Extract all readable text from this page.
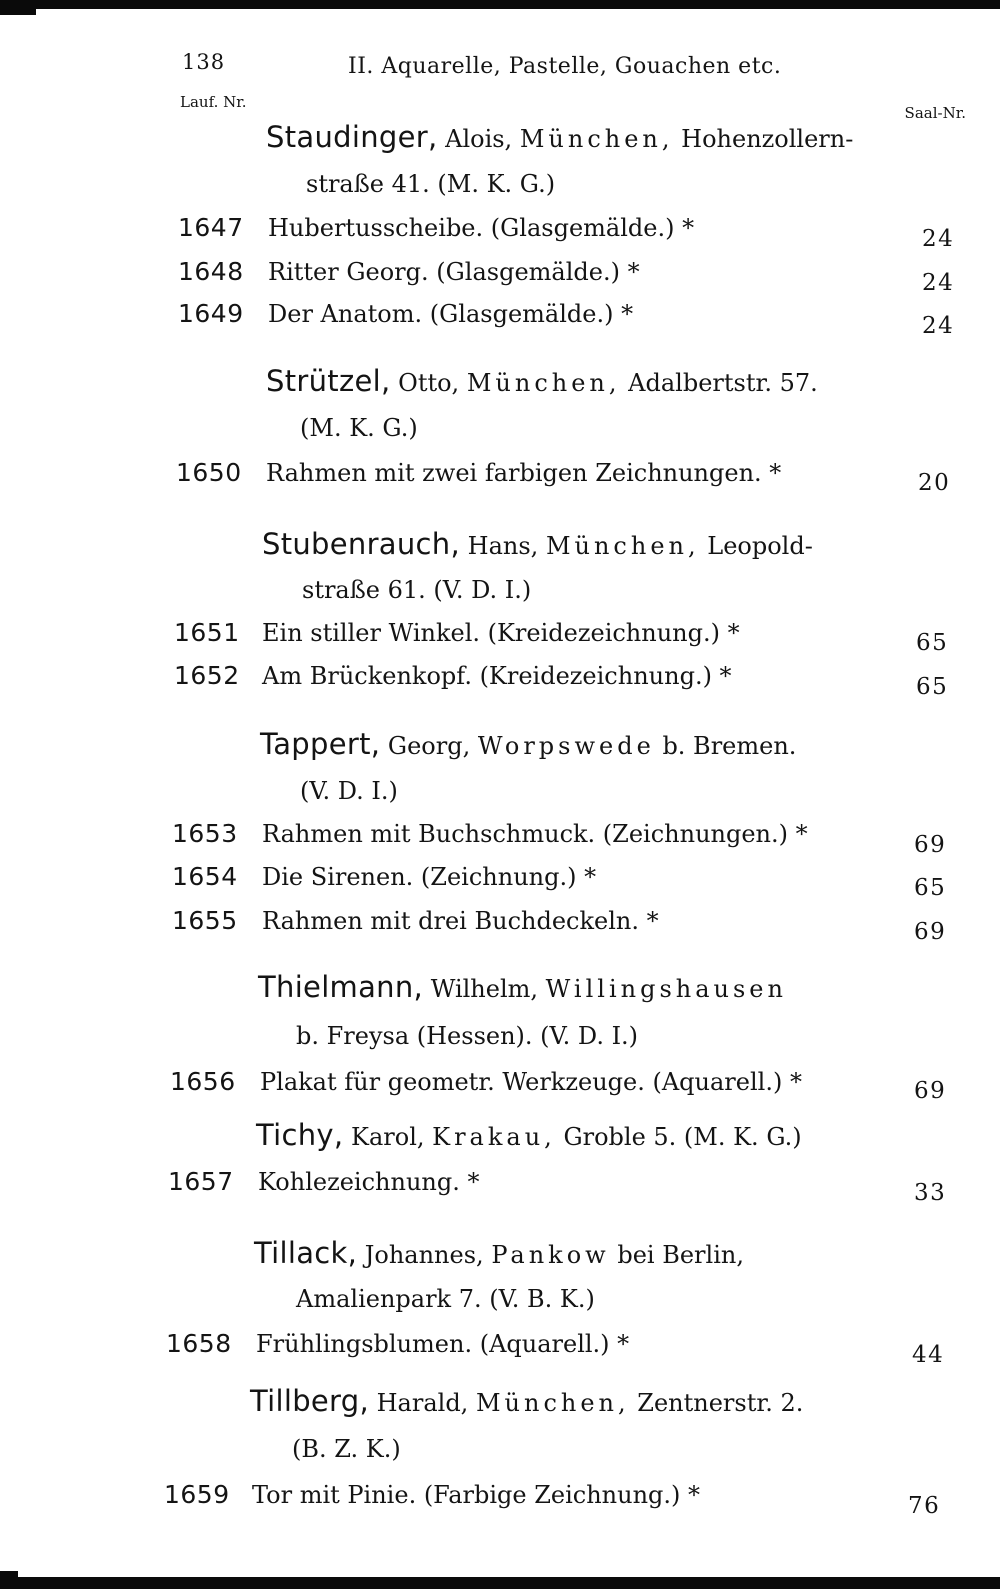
138	II. Aquarelle, Pastelle, Gouachen etc.
Lauf. Nr.
Saal-Nr.
Staudinger, Alois, München, Hohenzollern-
straße 41. (M. K. G.)
1647 Hubertusscheibe. (Glasgemälde.) *	24
1648 Ritter Georg. (Glasgemälde.) *	24
1649 Der Anatom. (Glasgemälde.) *	24
Strützel, Otto, München, Adalbertstr. 57.
(M. K. G.)
1650 Rahmen mit zwei farbigen Zeichnungen. *	20
Stubenrauch, Hans, München, Leopold-
straße 61. (V. D. I.)
1651 Ein stiller Winkel. (Kreidezeichnung.) *	65
1652 Am Brückenkopf. (Kreidezeichnung.) *	65
Tappert, Georg, Worpswede b. Bremen.
(V. D. I.)
1653 Rahmen mit Buchschmuck. (Zeichnungen.) *	69
1654 Die Sirenen. (Zeichnung.) *	65
1655 Rahmen mit drei Buchdeckeln. *	69
Thielmann, Wilhelm, Willingshausen
b. Freysa (Hessen). (V. D. I.)
1656 Plakat für geometr. Werkzeuge. (Aquarell.) *	69
Tichy, Karol, Krakau, Groble 5. (M. K. G.)
1657 Kohlezeichnung. *	33
Tillack, Johannes, Pankow bei Berlin,
Amalienpark 7. (V. B. K.)
1658 Frühlingsblumen. (Aquarell.) *	44
Tillberg, Harald, München, Zentnerstr. 2.
(B. Z. K.)
1659 Tor mit Pinie. (Farbige Zeichnung.) *	76
